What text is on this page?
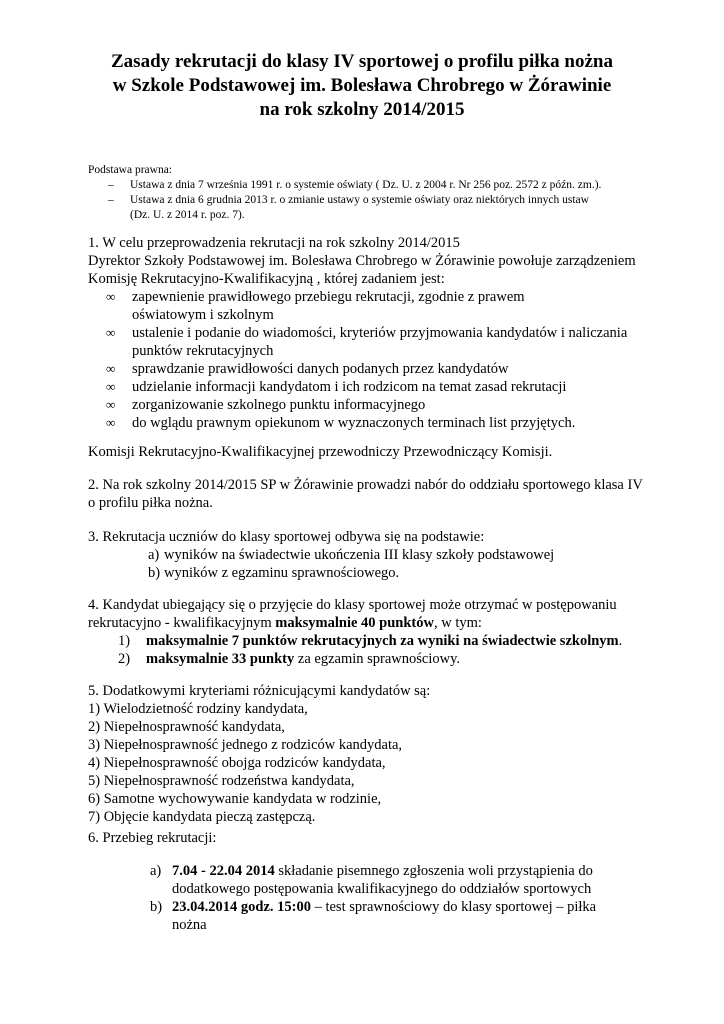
Zasady rekrutacji do klasy IV sportowej o profilu piłka nożna
w Szkole Podstawowej im. Bolesława Chrobrego w Żórawinie
na rok szkolny 2014/2015
Podstawa prawna:
– Ustawa z dnia 7 września 1991 r. o systemie oświaty ( Dz. U. z 2004 r. Nr 256 poz. 2572 z późn. zm.).
– Ustawa z dnia 6 grudnia 2013 r. o zmianie ustawy o systemie oświaty oraz niektórych innych ustaw (Dz. U. z 2014 r. poz. 7).
1. W celu przeprowadzenia rekrutacji na rok szkolny 2014/2015
Dyrektor Szkoły Podstawowej im. Bolesława Chrobrego w Żórawinie powołuje zarządzeniem Komisję Rekrutacyjno-Kwalifikacyjną , której zadaniem jest:
∞ zapewnienie prawidłowego przebiegu rekrutacji, zgodnie z prawem oświatowym i szkolnym
∞ ustalenie i podanie do wiadomości, kryteriów przyjmowania kandydatów i naliczania punktów rekrutacyjnych
∞ sprawdzanie prawidłowości danych podanych przez kandydatów
∞ udzielanie informacji kandydatom i ich rodzicom na temat zasad rekrutacji
∞ zorganizowanie szkolnego punktu informacyjnego
∞ do wglądu prawnym opiekunom w wyznaczonych terminach list przyjętych.
Komisji Rekrutacyjno-Kwalifikacyjnej przewodniczy Przewodniczący Komisji.
2. Na rok szkolny 2014/2015 SP w Żórawinie prowadzi nabór do oddziału sportowego klasa IV o profilu piłka nożna.
3. Rekrutacja uczniów do klasy sportowej odbywa się na podstawie:
a) wyników na świadectwie ukończenia III klasy szkoły podstawowej
b) wyników z egzaminu sprawnościowego.
4. Kandydat ubiegający się o przyjęcie do klasy sportowej może otrzymać w postępowaniu rekrutacyjno - kwalifikacyjnym maksymalnie 40 punktów, w tym:
1) maksymalnie 7 punktów rekrutacyjnych za wyniki na świadectwie szkolnym.
2) maksymalnie 33 punkty za egzamin sprawnościowy.
5. Dodatkowymi kryteriami różnicującymi kandydatów są:
1) Wielodzietność rodziny kandydata,
2) Niepełnosprawność kandydata,
3) Niepełnosprawność jednego z rodziców kandydata,
4) Niepełnosprawność obojga rodziców kandydata,
5) Niepełnosprawność rodzeństwa kandydata,
6) Samotne wychowywanie kandydata w rodzinie,
7) Objęcie kandydata pieczą zastępczą.
6. Przebieg rekrutacji:
a) 7.04 - 22.04 2014 składanie pisemnego zgłoszenia woli przystąpienia do dodatkowego postępowania kwalifikacyjnego do oddziałów sportowych
b) 23.04.2014 godz. 15:00 – test sprawnościowy do klasy sportowej – piłka nożna
